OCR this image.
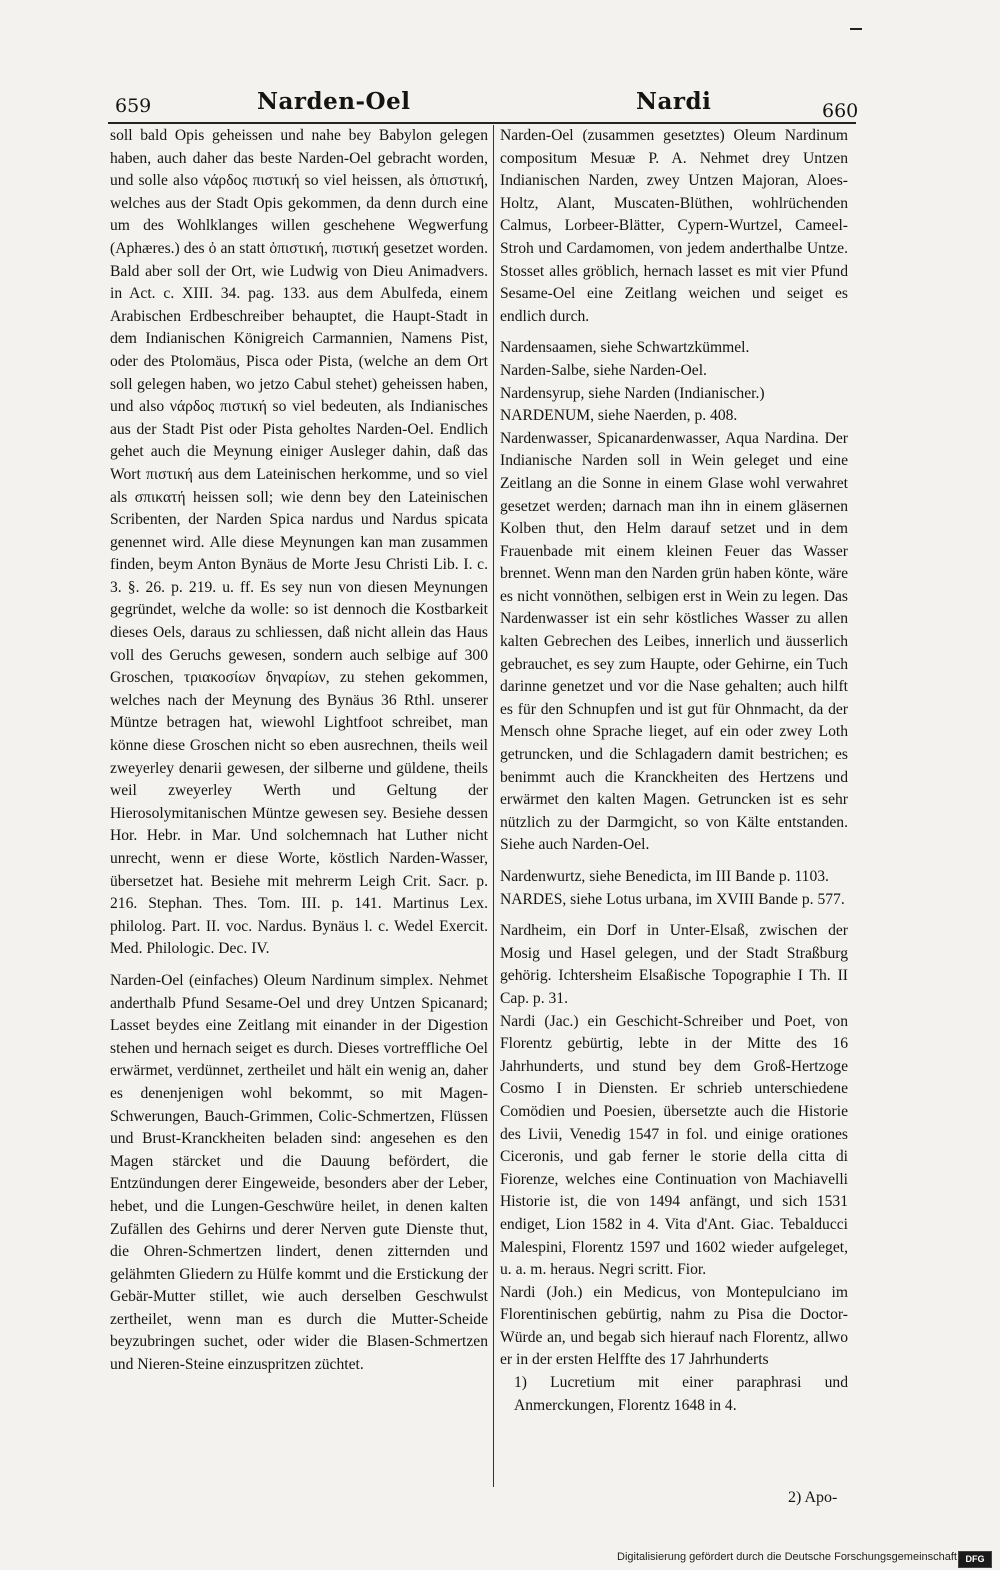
659	Narden-Oel	Nardi	660

soll bald Opis geheissen und nahe bey Babylon gelegen haben, auch daher das beste Narden-Oel gebracht worden, und solle also νάρδος πιστική so viel heissen, als ὀπιστική, welches aus der Stadt Opis gekommen, da denn durch eine um des Wohlklanges willen geschehene Wegwerfung (Aphæres.) des ὀ an statt ὀπιστική, πιστική gesetzet worden. Bald aber soll der Ort, wie Ludwig von Dieu Animadvers. in Act. c. XIII. 34. pag. 133. aus dem Abulfeda, einem Arabischen Erdbeschreiber behauptet, die Haupt-Stadt in dem Indianischen Königreich Carmannien, Namens Pist, oder des Ptolomäus, Pisca oder Pista, (welche an dem Ort soll gelegen haben, wo jetzo Cabul stehet) geheissen haben, und also νάρδος πιστική so viel bedeuten, als Indianisches aus der Stadt Pist oder Pista geholtes Narden-Oel. Endlich gehet auch die Meynung einiger Ausleger dahin, daß das Wort πιστική aus dem Lateinischen herkomme, und so viel als σπικατή heissen soll; wie denn bey den Lateinischen Scribenten, der Narden Spica nardus und Nardus spicata genennet wird. Alle diese Meynungen kan man zusammen finden, beym Anton Bynäus de Morte Jesu Christi Lib. I. c. 3. §. 26. p. 219. u. ff. Es sey nun von diesen Meynungen gegründet, welche da wolle: so ist dennoch die Kostbarkeit dieses Oels, daraus zu schliessen, daß nicht allein das Haus voll des Geruchs gewesen, sondern auch selbige auf 300 Groschen, τριακοσίων δηναρίων, zu stehen gekommen, welches nach der Meynung des Bynäus 36 Rthl. unserer Müntze betragen hat, wiewohl Lightfoot schreibet, man könne diese Groschen nicht so eben ausrechnen, theils weil zweyerley denarii gewesen, der silberne und güldene, theils weil zweyerley Werth und Geltung der Hierosolymitanischen Müntze gewesen sey. Besiehe dessen Hor. Hebr. in Mar. Und solchemnach hat Luther nicht unrecht, wenn er diese Worte, köstlich Narden-Wasser, übersetzet hat. Besiehe mit mehrerm Leigh Crit. Sacr. p. 216. Stephan. Thes. Tom. III. p. 141. Martinus Lex. philolog. Part. II. voc. Nardus. Bynäus l. c. Wedel Exercit. Med. Philologic. Dec. IV.

Narden-Oel (einfaches) Oleum Nardinum simplex. Nehmet anderthalb Pfund Sesame-Oel und drey Untzen Spicanard; Lasset beydes eine Zeitlang mit einander in der Digestion stehen und hernach seiget es durch. Dieses vortreffliche Oel erwärmet, verdünnet, zertheilet und hält ein wenig an, daher es denenjenigen wohl bekommt, so mit Magen-Schwerungen, Bauch-Grimmen, Colic-Schmertzen, Flüssen und Brust-Kranckheiten beladen sind: angesehen es den Magen stärcket und die Dauung befördert, die Entzündungen derer Eingeweide, besonders aber der Leber, hebet, und die Lungen-Geschwüre heilet, in denen kalten Zufällen des Gehirns und derer Nerven gute Dienste thut, die Ohren-Schmertzen lindert, denen zitternden und gelähmten Gliedern zu Hülfe kommt und die Erstickung der Gebär-Mutter stillet, wie auch derselben Geschwulst zertheilet, wenn man es durch die Mutter-Scheide beyzubringen suchet, oder wider die Blasen-Schmertzen und Nieren-Steine einzuspritzen züchtet.

Narden-Oel (zusammen gesetztes) Oleum Nardinum compositum Mesuæ P. A. Nehmet drey Untzen Indianischen Narden, zwey Untzen Majoran, Aloes-Holtz, Alant, Muscaten-Blüthen, wohlrüchenden Calmus, Lorbeer-Blätter, Cypern-Wurtzel, Cameel-Stroh und Cardamomen, von jedem anderthalbe Untze. Stosset alles gröblich, hernach lasset es mit vier Pfund Sesame-Oel eine Zeitlang weichen und seiget es endlich durch.

Nardensaamen, siehe Schwartzkümmel.

Narden-Salbe, siehe Narden-Oel.

Nardensyrup, siehe Narden (Indianischer.)

NARDENUM, siehe Naerden, p. 408.

Nardenwasser, Spicanardenwasser, Aqua Nardina. Der Indianische Narden soll in Wein geleget und eine Zeitlang an die Sonne in einem Glase wohl verwahret gesetzet werden; darnach man ihn in einem gläsernen Kolben thut, den Helm darauf setzet und in dem Frauenbade mit einem kleinen Feuer das Wasser brennet. Wenn man den Narden grün haben könte, wäre es nicht vonnöthen, selbigen erst in Wein zu legen. Das Nardenwasser ist ein sehr köstliches Wasser zu allen kalten Gebrechen des Leibes, innerlich und äusserlich gebrauchet, es sey zum Haupte, oder Gehirne, ein Tuch darinne genetzet und vor die Nase gehalten; auch hilft es für den Schnupfen und ist gut für Ohnmacht, da der Mensch ohne Sprache lieget, auf ein oder zwey Loth getruncken, und die Schlagadern damit bestrichen; es benimmt auch die Kranckheiten des Hertzens und erwärmet den kalten Magen. Getruncken ist es sehr nützlich zu der Darmgicht, so von Kälte entstanden. Siehe auch Narden-Oel.

Nardenwurtz, siehe Benedicta, im III Bande p. 1103.

NARDES, siehe Lotus urbana, im XVIII Bande p. 577.

Nardheim, ein Dorf in Unter-Elsaß, zwischen der Mosig und Hasel gelegen, und der Stadt Straßburg gehörig. Ichtersheim Elsaßische Topographie I Th. II Cap. p. 31.

Nardi (Jac.) ein Geschicht-Schreiber und Poet, von Florentz gebürtig, lebte in der Mitte des 16 Jahrhunderts, und stund bey dem Groß-Hertzoge Cosmo I in Diensten. Er schrieb unterschiedene Comödien und Poesien, übersetzte auch die Historie des Livii, Venedig 1547 in fol. und einige orationes Ciceronis, und gab ferner le storie della citta di Fiorenze, welches eine Continuation von Machiavelli Historie ist, die von 1494 anfängt, und sich 1531 endiget, Lion 1582 in 4. Vita d'Ant. Giac. Tebalducci Malespini, Florentz 1597 und 1602 wieder aufgeleget, u. a. m. heraus. Negri scritt. Fior.

Nardi (Joh.) ein Medicus, von Montepulciano im Florentinischen gebürtig, nahm zu Pisa die Doctor-Würde an, und begab sich hierauf nach Florentz, allwo er in der ersten Helffte des 17 Jahrhunderts

1) Lucretium mit einer paraphrasi und Anmerckungen, Florentz 1648 in 4.

2) Apo-
Digitalisierung gefördert durch die Deutsche Forschungsgemeinschaft DFG
